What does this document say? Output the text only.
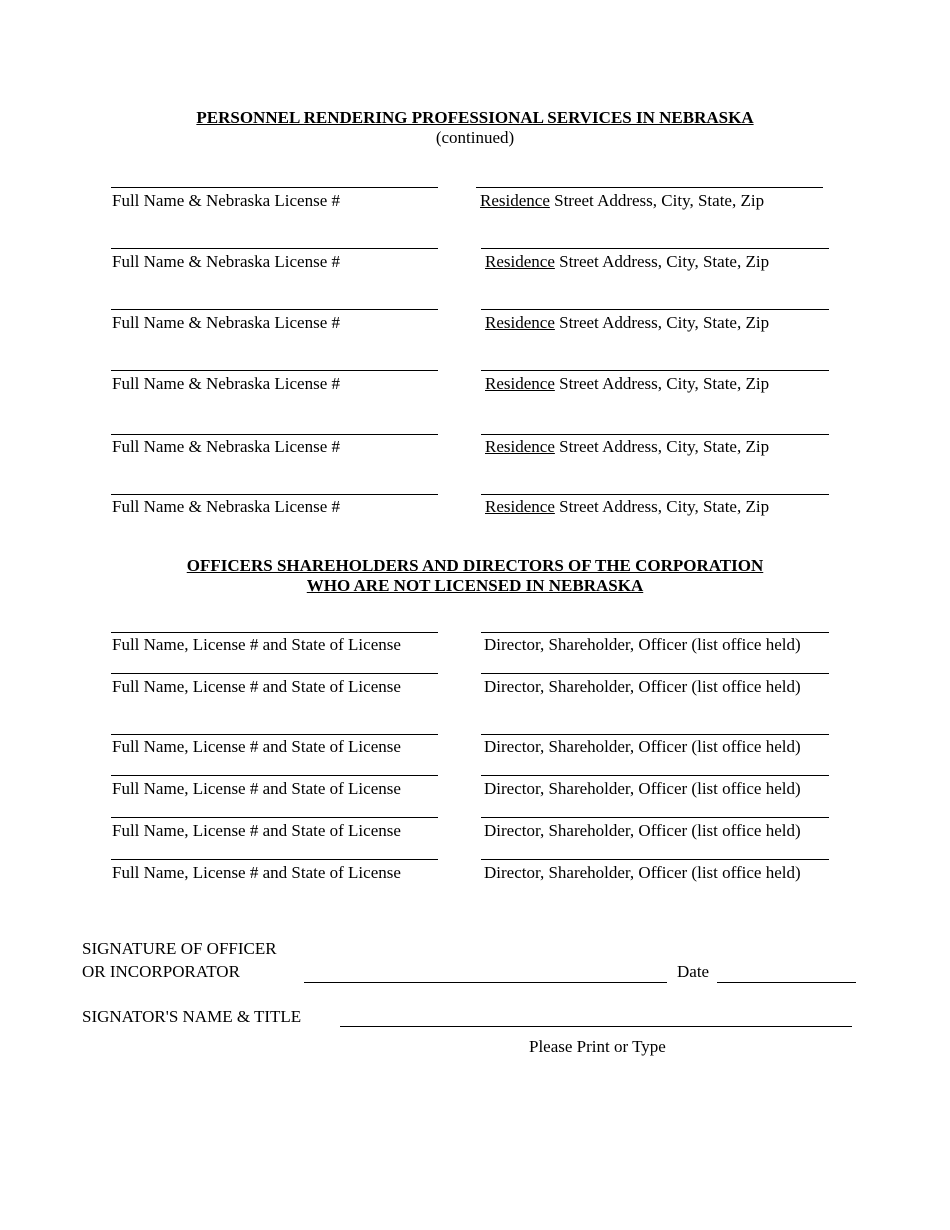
PERSONNEL RENDERING PROFESSIONAL SERVICES IN NEBRASKA
(continued)
Full Name & Nebraska License #	Residence Street Address, City, State, Zip
Full Name & Nebraska License #	Residence Street Address, City, State, Zip
Full Name & Nebraska License #	Residence Street Address, City, State, Zip
Full Name & Nebraska License #	Residence Street Address, City, State, Zip
Full Name & Nebraska License #	Residence Street Address, City, State, Zip
Full Name & Nebraska License #	Residence Street Address, City, State, Zip
OFFICERS SHAREHOLDERS AND DIRECTORS OF THE CORPORATION
WHO ARE NOT LICENSED IN NEBRASKA
Full Name, License # and State of License	Director, Shareholder, Officer (list office held)
Full Name, License # and State of License	Director, Shareholder, Officer (list office held)
Full Name, License # and State of License	Director, Shareholder, Officer (list office held)
Full Name, License # and State of License	Director, Shareholder, Officer (list office held)
Full Name, License # and State of License	Director, Shareholder, Officer (list office held)
Full Name, License # and State of License	Director, Shareholder, Officer (list office held)
SIGNATURE OF OFFICER
OR INCORPORATOR	Date
SIGNATOR'S NAME & TITLE
Please Print or Type
